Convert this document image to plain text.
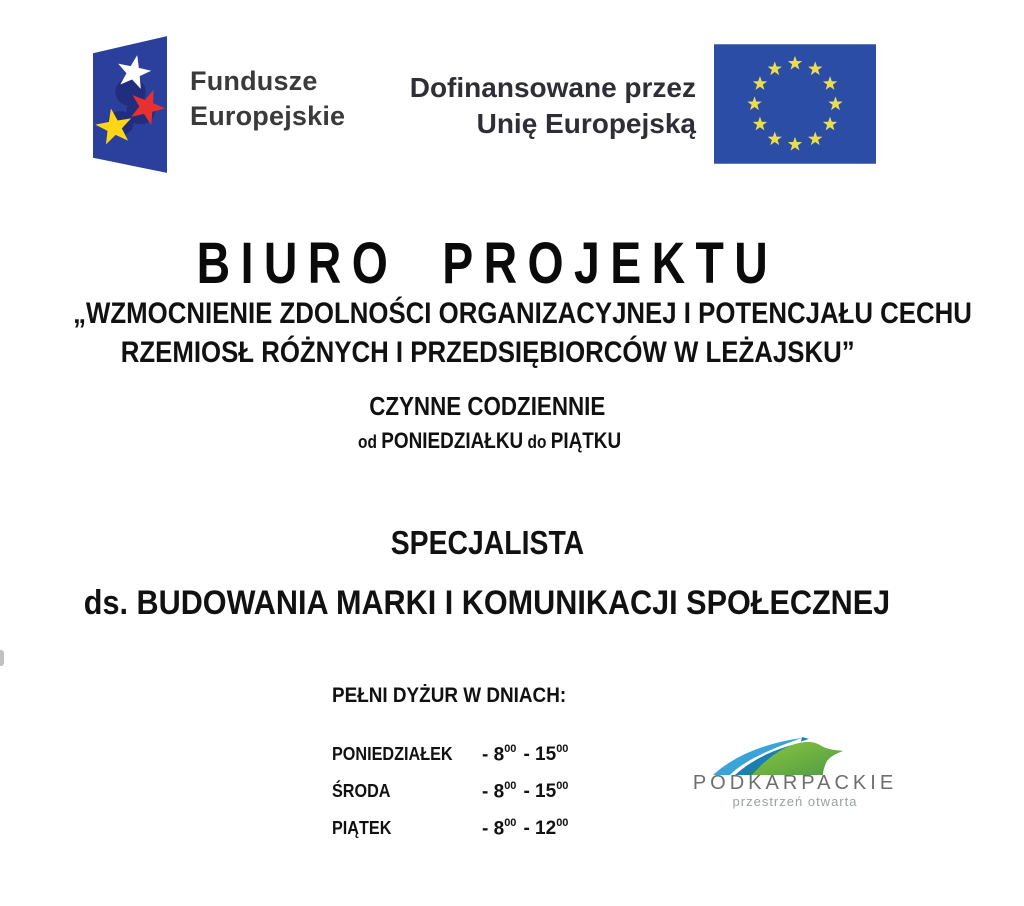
Fundusze
Europejskie
Dofinansowane przez
Unię Europejską
BIURO PROJEKTU
„WZMOCNIENIE ZDOLNOŚCI ORGANIZACYJNEJ I POTENCJAŁU CECHU
RZEMIOSŁ RÓŻNYCH I PRZEDSIĘBIORCÓW W LEŻAJSKU”
CZYNNE CODZIENNIE
od PONIEDZIAŁKU do PIĄTKU
SPECJALISTA
ds. BUDOWANIA MARKI I KOMUNIKACJI SPOŁECZNEJ
PEŁNI DYŻUR W DNIACH:
PONIEDZIAŁEK	- $8^{00} - 15^{00}$
ŚRODA	- $8^{00} - 15^{00}$
PIĄTEK	- $8^{00} - 12^{00}$
PODKARPACKIE
przestrzeń otwarta
